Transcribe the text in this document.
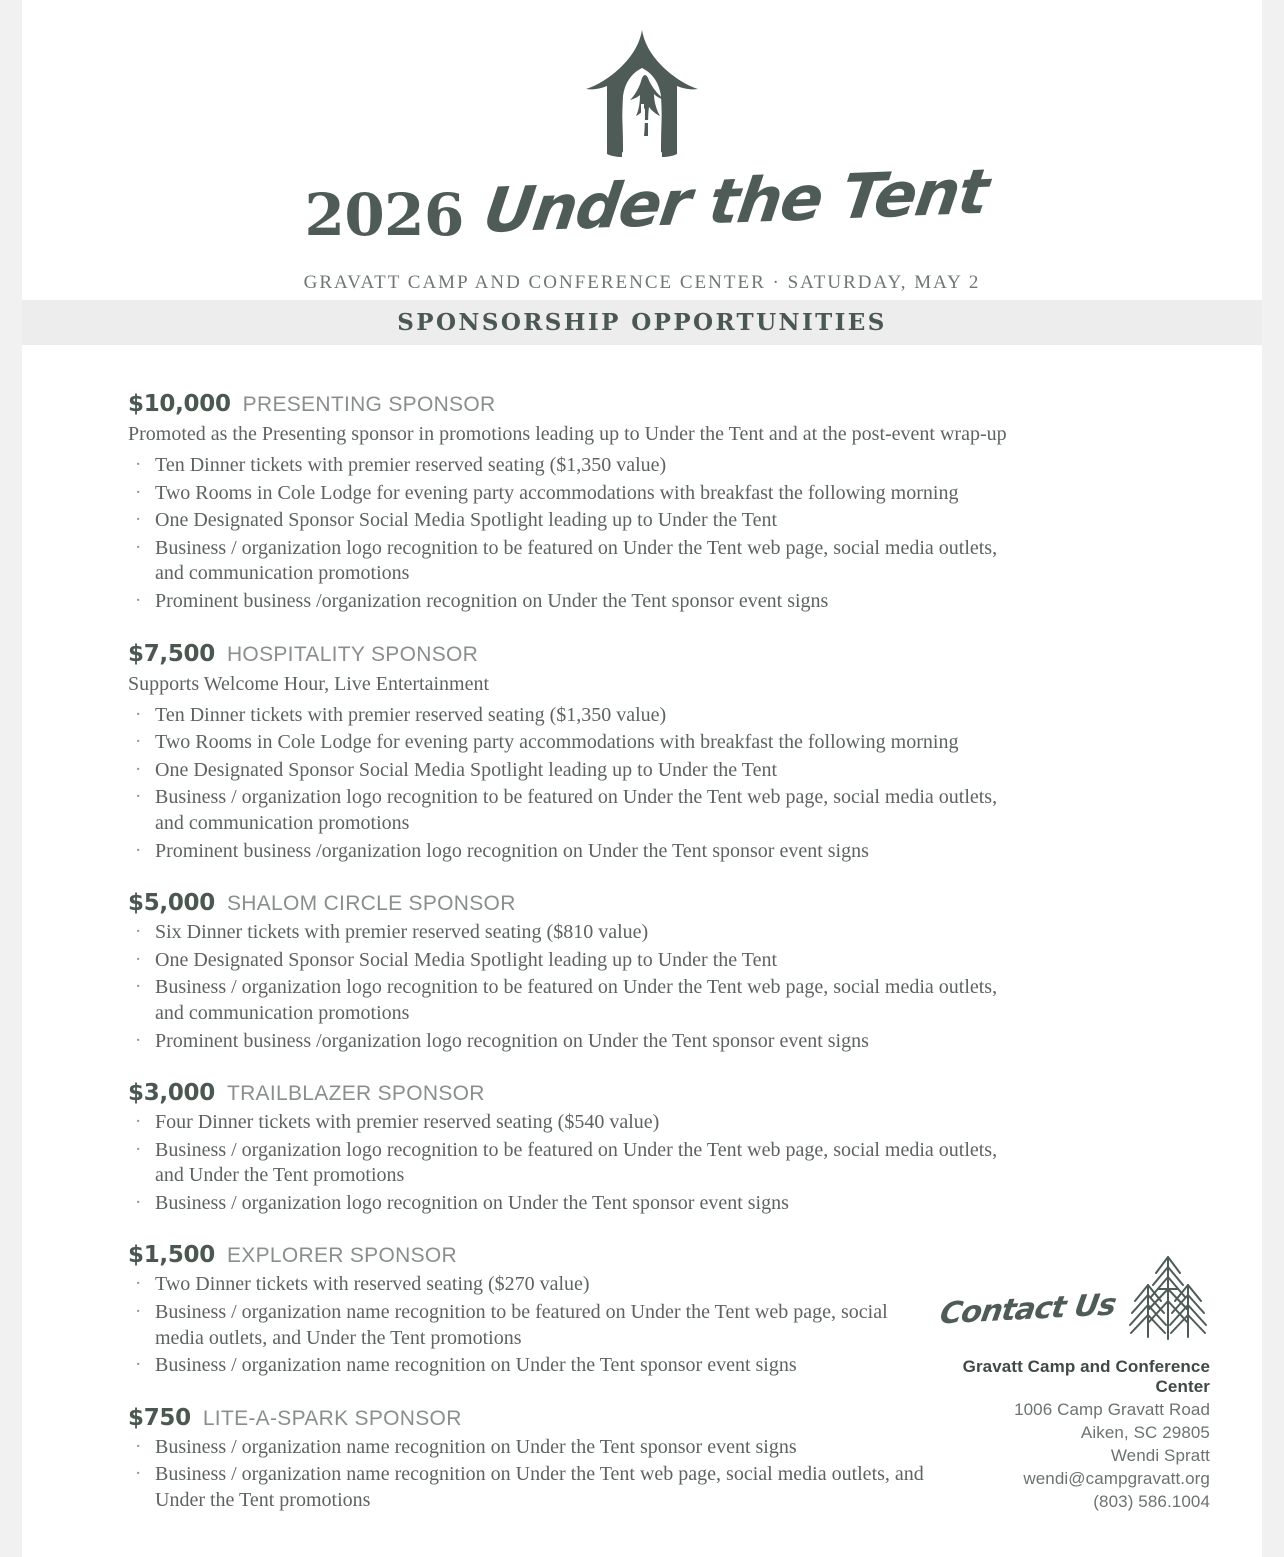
2026 Under the Tent
GRAVATT CAMP AND CONFERENCE CENTER · SATURDAY, MAY 2
SPONSORSHIP OPPORTUNITIES
$10,000 PRESENTING SPONSOR
Promoted as the Presenting sponsor in promotions leading up to Under the Tent and at the post-event wrap-up
· Ten Dinner tickets with premier reserved seating ($1,350 value)
· Two Rooms in Cole Lodge for evening party accommodations with breakfast the following morning
· One Designated Sponsor Social Media Spotlight leading up to Under the Tent
· Business / organization logo recognition to be featured on Under the Tent web page, social media outlets, and communication promotions
· Prominent business /organization recognition on Under the Tent sponsor event signs
$7,500 HOSPITALITY SPONSOR
Supports Welcome Hour, Live Entertainment
· Ten Dinner tickets with premier reserved seating ($1,350 value)
· Two Rooms in Cole Lodge for evening party accommodations with breakfast the following morning
· One Designated Sponsor Social Media Spotlight leading up to Under the Tent
· Business / organization logo recognition to be featured on Under the Tent web page, social media outlets, and communication promotions
· Prominent business /organization logo recognition on Under the Tent sponsor event signs
$5,000 SHALOM CIRCLE SPONSOR
· Six Dinner tickets with premier reserved seating ($810 value)
· One Designated Sponsor Social Media Spotlight leading up to Under the Tent
· Business / organization logo recognition to be featured on Under the Tent web page, social media outlets, and communication promotions
· Prominent business /organization logo recognition on Under the Tent sponsor event signs
$3,000 TRAILBLAZER SPONSOR
· Four Dinner tickets with premier reserved seating ($540 value)
· Business / organization logo recognition to be featured on Under the Tent web page, social media outlets, and Under the Tent promotions
· Business / organization logo recognition on Under the Tent sponsor event signs
$1,500 EXPLORER SPONSOR
· Two Dinner tickets with reserved seating ($270 value)
· Business / organization name recognition to be featured on Under the Tent web page, social media outlets, and Under the Tent promotions
· Business / organization name recognition on Under the Tent sponsor event signs
$750 LITE-A-SPARK SPONSOR
· Business / organization name recognition on Under the Tent sponsor event signs
· Business / organization name recognition on Under the Tent web page, social media outlets, and Under the Tent promotions
Contact Us
Gravatt Camp and Conference Center
1006 Camp Gravatt Road
Aiken, SC 29805
Wendi Spratt
wendi@campgravatt.org
(803) 586.1004
